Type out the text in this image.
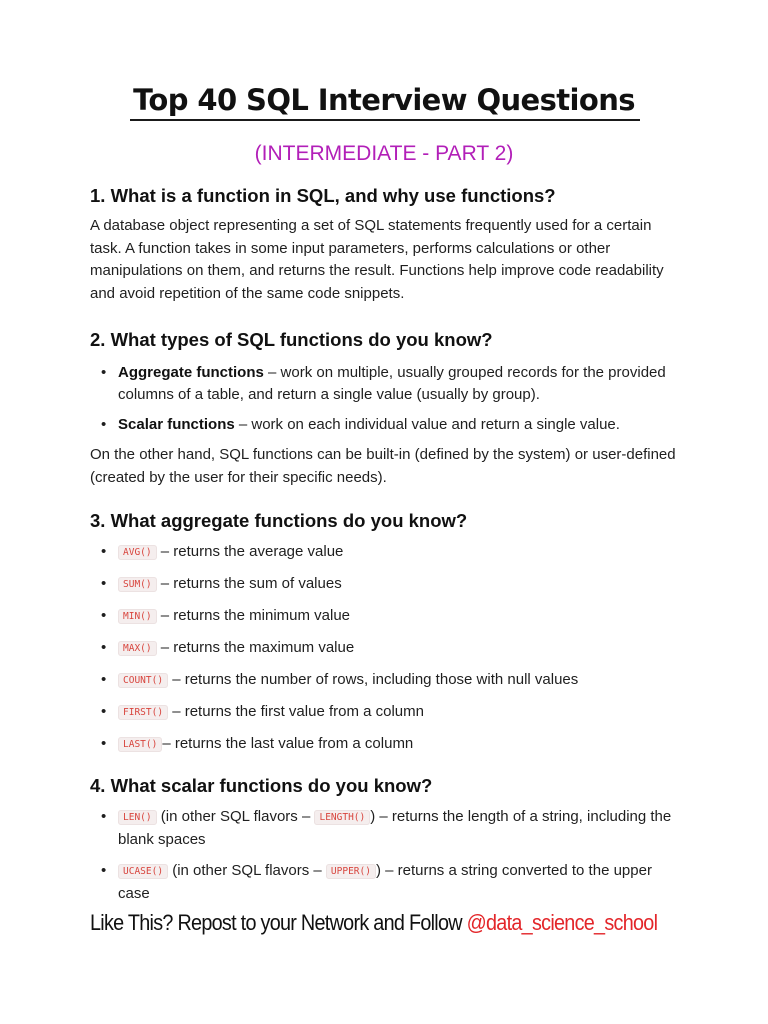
Top 40 SQL Interview Questions
(INTERMEDIATE - PART 2)
1. What is a function in SQL, and why use functions?

A database object representing a set of SQL statements frequently used for a certain task. A function takes in some input parameters, performs calculations or other manipulations on them, and returns the result. Functions help improve code readability and avoid repetition of the same code snippets.

2. What types of SQL functions do you know?
• Aggregate functions – work on multiple, usually grouped records for the provided columns of a table, and return a single value (usually by group).
• Scalar functions – work on each individual value and return a single value.

On the other hand, SQL functions can be built-in (defined by the system) or user-defined (created by the user for their specific needs).

3. What aggregate functions do you know?
• AVG() – returns the average value
• SUM() – returns the sum of values
• MIN() – returns the minimum value
• MAX() – returns the maximum value
• COUNT() – returns the number of rows, including those with null values
• FIRST() – returns the first value from a column
• LAST() – returns the last value from a column
4. What scalar functions do you know?
• LEN() (in other SQL flavors – LENGTH() ) – returns the length of a string, including the blank spaces
• UCASE() (in other SQL flavors – UPPER() ) – returns a string converted to the upper case
Like This? Repost to your Network and Follow @data_science_school
